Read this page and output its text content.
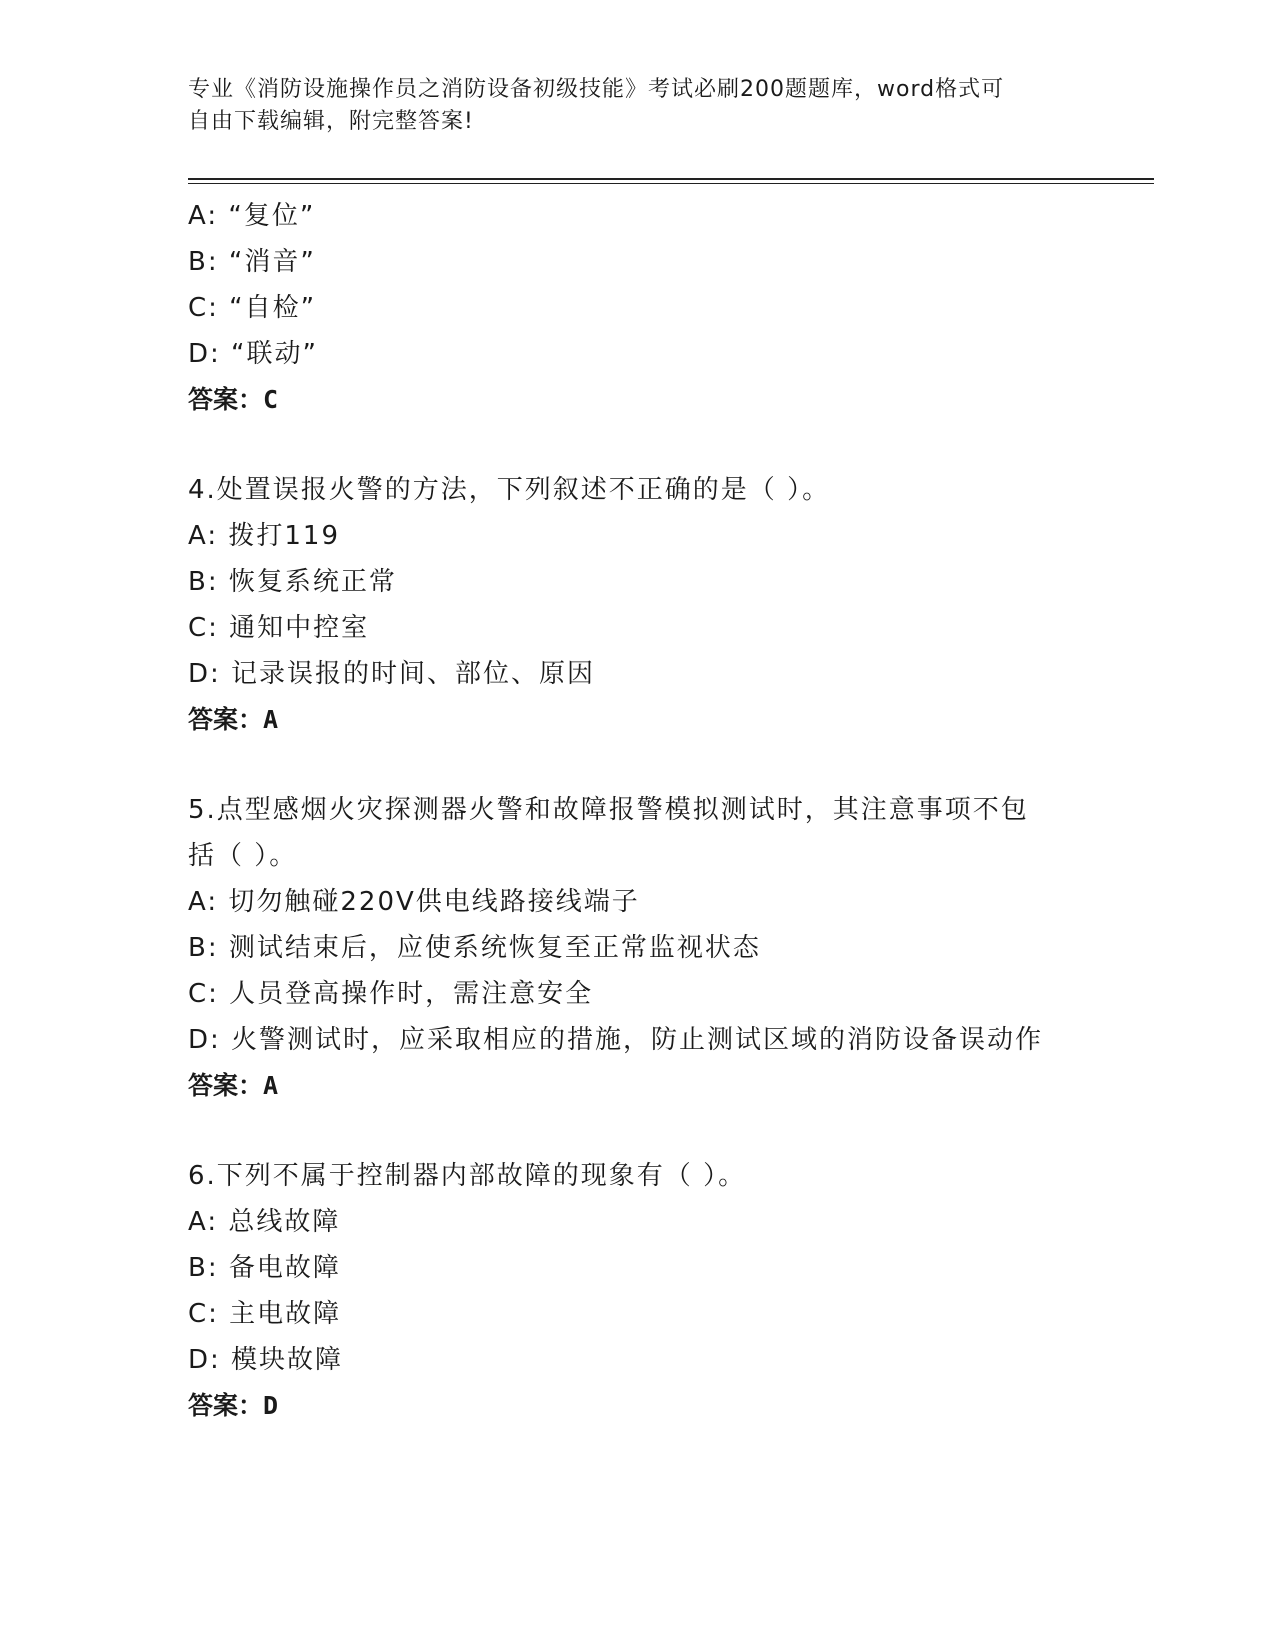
专业《消防设施操作员之消防设备初级技能》考试必刷200题题库，word格式可
自由下载编辑，附完整答案!
A: “复位”
B: “消音”
C: “自检”
D: “联动”
答案：C
4.处置误报火警的方法，下列叙述不正确的是（ ）。
A: 拨打119
B: 恢复系统正常
C: 通知中控室
D: 记录误报的时间、部位、原因
答案：A
5.点型感烟火灾探测器火警和故障报警模拟测试时，其注意事项不包
括（ ）。
A: 切勿触碰220V供电线路接线端子
B: 测试结束后，应使系统恢复至正常监视状态
C: 人员登高操作时，需注意安全
D: 火警测试时，应采取相应的措施，防止测试区域的消防设备误动作
答案：A
6.下列不属于控制器内部故障的现象有（ ）。
A: 总线故障
B: 备电故障
C: 主电故障
D: 模块故障
答案：D
